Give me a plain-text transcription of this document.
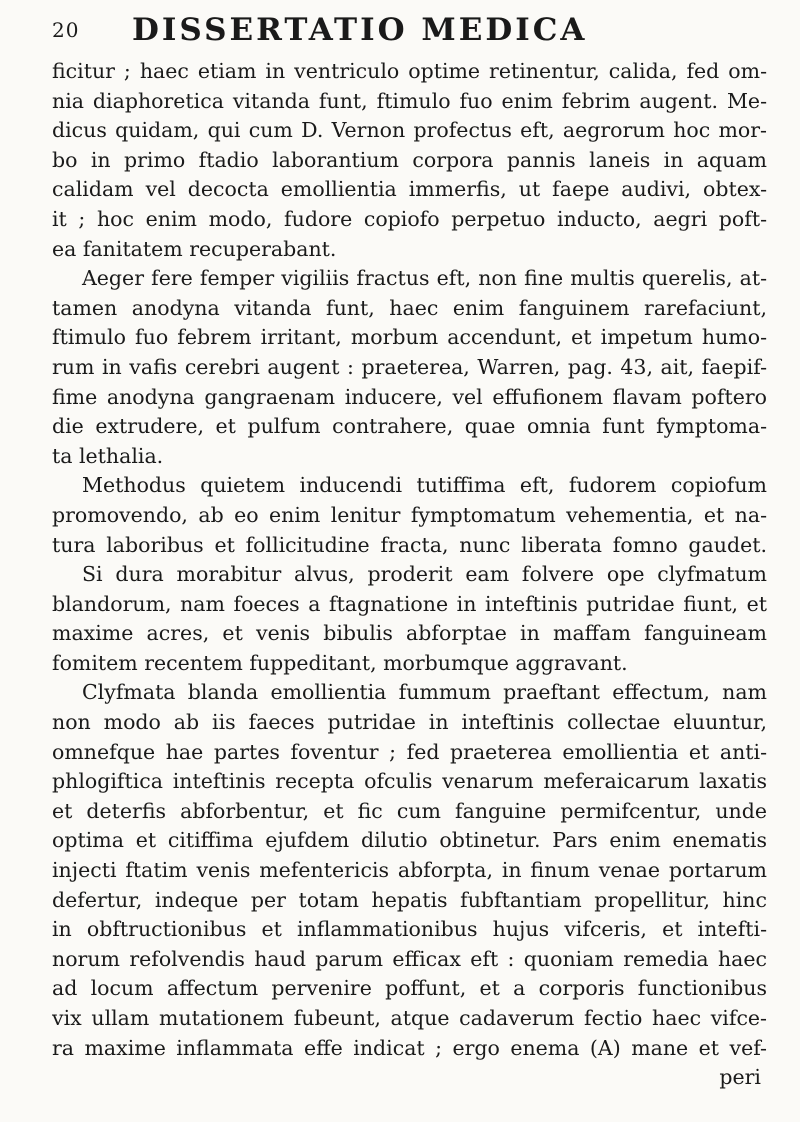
20 DISSERTATIO MEDICA
ficitur ; haec etiam in ventriculo optime retinentur, calida, fed om-
nia diaphoretica vitanda funt, ftimulo fuo enim febrim augent. Me-
dicus quidam, qui cum D. Vernon profectus eft, aegrorum hoc mor-
bo in primo ftadio laborantium corpora pannis laneis in aquam
calidam vel decocta emollientia immerfis, ut faepe audivi, obtex-
it ; hoc enim modo, fudore copiofo perpetuo inducto, aegri poft-
ea fanitatem recuperabant.
Aeger fere femper vigiliis fractus eft, non fine multis querelis, at-
tamen anodyna vitanda funt, haec enim fanguinem rarefaciunt,
ftimulo fuo febrem irritant, morbum accendunt, et impetum humo-
rum in vafis cerebri augent : praeterea, Warren, pag. 43, ait, faepif-
fime anodyna gangraenam inducere, vel effufionem flavam poftero
die extrudere, et pulfum contrahere, quae omnia funt fymptoma-
ta lethalia.
Methodus quietem inducendi tutiffima eft, fudorem copiofum
promovendo, ab eo enim lenitur fymptomatum vehementia, et na-
tura laboribus et follicitudine fracta, nunc liberata fomno gaudet.
Si dura morabitur alvus, proderit eam folvere ope clyfmatum
blandorum, nam foeces a ftagnatione in inteftinis putridae fiunt, et
maxime acres, et venis bibulis abforptae in maffam fanguineam
fomitem recentem fuppeditant, morbumque aggravant.
Clyfmata blanda emollientia fummum praeftant effectum, nam
non modo ab iis faeces putridae in inteftinis collectae eluuntur,
omnefque hae partes foventur ; fed praeterea emollientia et anti-
phlogiftica inteftinis recepta ofculis venarum meferaicarum laxatis
et deterfis abforbentur, et fic cum fanguine permifcentur, unde
optima et citiffima ejufdem dilutio obtinetur. Pars enim enematis
injecti ftatim venis mefentericis abforpta, in finum venae portarum
defertur, indeque per totam hepatis fubftantiam propellitur, hinc
in obftructionibus et inflammationibus hujus vifceris, et intefti-
norum refolvendis haud parum efficax eft : quoniam remedia haec
ad locum affectum pervenire poffunt, et a corporis functionibus
vix ullam mutationem fubeunt, atque cadaverum fectio haec vifce-
ra maxime inflammata effe indicat ; ergo enema (A) mane et vef-
peri
